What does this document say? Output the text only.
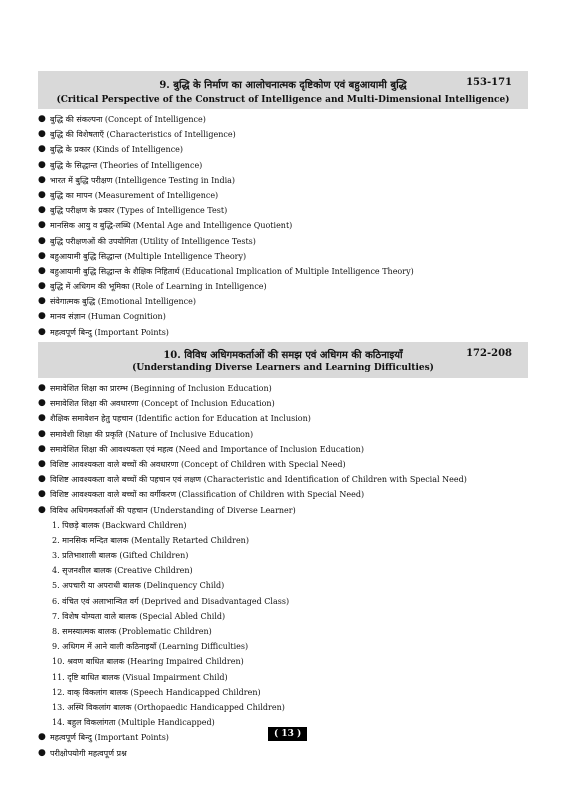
9. बुद्धि के निर्माण का आलोचनात्मक दृष्टिकोण एवं बहुआयामी बुद्धि	153-171
(Critical Perspective of the Construct of Intelligence and Multi-Dimensional Intelligence)
● बुद्धि की संकल्पना (Concept of Intelligence)
● बुद्धि की विशेषताएँ (Characteristics of Intelligence)
● बुद्धि के प्रकार (Kinds of Intelligence)
● बुद्धि के सिद्धान्त (Theories of Intelligence)
● भारत में बुद्धि परीक्षण (Intelligence Testing in India)
● बुद्धि का मापन (Measurement of Intelligence)
● बुद्धि परीक्षण के प्रकार (Types of Intelligence Test)
● मानसिक आयु व बुद्धि-लब्धि (Mental Age and Intelligence Quotient)
● बुद्धि परीक्षणओं की उपयोगिता (Utility of Intelligence Tests)
● बहुआयामी बुद्धि सिद्धान्त (Multiple Intelligence Theory)
● बहुआयामी बुद्धि सिद्धान्त के शैक्षिक निहितार्थ (Educational Implication of Multiple Intelligence Theory)
● बुद्धि में अधिगम की भूमिका (Role of Learning in Intelligence)
● संवेगात्मक बुद्धि (Emotional Intelligence)
● मानव संज्ञान (Human Cognition)
● महत्वपूर्ण बिन्दु (Important Points)
10. विविध अधिगमकर्ताओं की समझ एवं अधिगम की कठिनाइयाँ	172-208
(Understanding Diverse Learners and Learning Difficulties)
● समावेशित शिक्षा का प्रारम्भ (Beginning of Inclusion Education)
● समावेशित शिक्षा की अवधारणा (Concept of Inclusion Education)
● शैक्षिक समावेशन हेतु पहचान (Identific action for Education at Inclusion)
● समावेशी शिक्षा की प्रकृति (Nature of Inclusive Education)
● समावेशित शिक्षा की आवश्यकता एवं महत्व (Need and Importance of Inclusion Education)
● विशिष्ट आवश्यकता वाले बच्चों की अवधारणा (Concept of Children with Special Need)
● विशिष्ट आवश्यकता वाले बच्चों की पहचान एवं लक्षण (Characteristic and Identification of Children with Special Need)
● विशिष्ट आवश्यकता वाले बच्चों का वर्गीकरण (Classification of Children with Special Need)
● विविध अधिगमकर्ताओं की पहचान (Understanding of Diverse Learner)
1. पिछड़े बालक (Backward Children)
2. मानसिक मन्दित बालक (Mentally Retarted Children)
3. प्रतिभाशाली बालक (Gifted Children)
4. सृजनशील बालक (Creative Children)
5. अपचारी या अपराधी बालक (Delinquency Child)
6. वंचित एवं अलाभान्वित वर्ग (Deprived and Disadvantaged Class)
7. विशेष योग्यता वाले बालक (Special Abled Child)
8. समस्यात्मक बालक (Problematic Children)
9. अधिगम में आने वाली कठिनाइयाँ (Learning Difficulties)
10. श्रवण बाधित बालक (Hearing Impaired Children)
11. दृष्टि बाधित बालक (Visual Impairment Child)
12. वाक् विकलांग बालक (Speech Handicapped Children)
13. अस्थि विकलांग बालक (Orthopaedic Handicapped Children)
14. बहुल विकलांगता (Multiple Handicapped)
● महत्वपूर्ण बिन्दु (Important Points)
● परीक्षोपयोगी महत्वपूर्ण प्रश्न
( 13 )
